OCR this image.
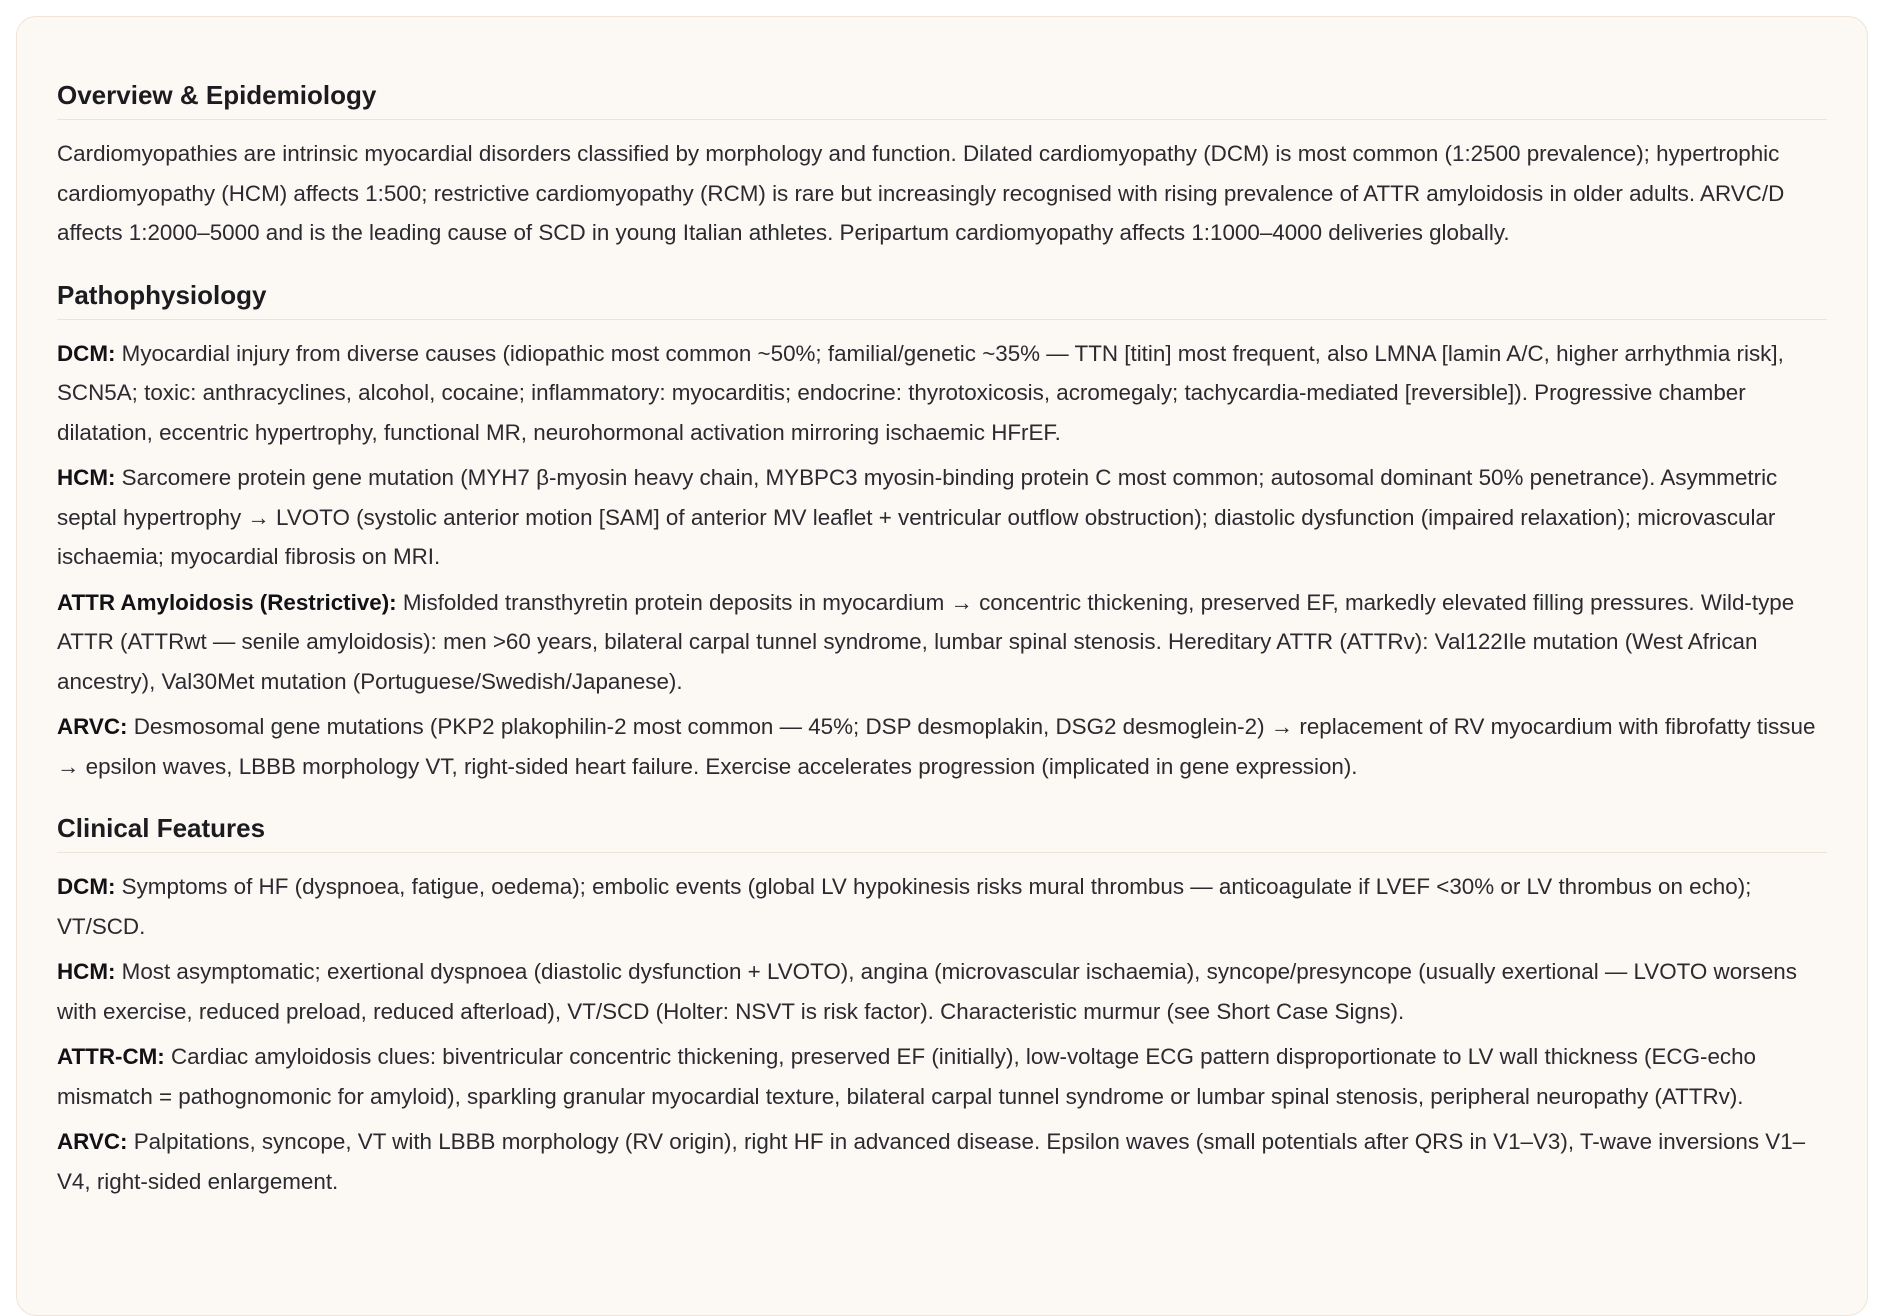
Overview & Epidemiology

Cardiomyopathies are intrinsic myocardial disorders classified by morphology and function. Dilated cardiomyopathy (DCM) is most common (1:2500 prevalence); hypertrophic cardiomyopathy (HCM) affects 1:500; restrictive cardiomyopathy (RCM) is rare but increasingly recognised with rising prevalence of ATTR amyloidosis in older adults. ARVC/D affects 1:2000–5000 and is the leading cause of SCD in young Italian athletes. Peripartum cardiomyopathy affects 1:1000–4000 deliveries globally.

Pathophysiology

DCM: Myocardial injury from diverse causes (idiopathic most common ~50%; familial/genetic ~35% — TTN [titin] most frequent, also LMNA [lamin A/C, higher arrhythmia risk], SCN5A; toxic: anthracyclines, alcohol, cocaine; inflammatory: myocarditis; endocrine: thyrotoxicosis, acromegaly; tachycardia-mediated [reversible]). Progressive chamber dilatation, eccentric hypertrophy, functional MR, neurohormonal activation mirroring ischaemic HFrEF.

HCM: Sarcomere protein gene mutation (MYH7 β-myosin heavy chain, MYBPC3 myosin-binding protein C most common; autosomal dominant 50% penetrance). Asymmetric septal hypertrophy → LVOTO (systolic anterior motion [SAM] of anterior MV leaflet + ventricular outflow obstruction); diastolic dysfunction (impaired relaxation); microvascular ischaemia; myocardial fibrosis on MRI.

ATTR Amyloidosis (Restrictive): Misfolded transthyretin protein deposits in myocardium → concentric thickening, preserved EF, markedly elevated filling pressures. Wild-type ATTR (ATTRwt — senile amyloidosis): men >60 years, bilateral carpal tunnel syndrome, lumbar spinal stenosis. Hereditary ATTR (ATTRv): Val122Ile mutation (West African ancestry), Val30Met mutation (Portuguese/Swedish/Japanese).

ARVC: Desmosomal gene mutations (PKP2 plakophilin-2 most common — 45%; DSP desmoplakin, DSG2 desmoglein-2) → replacement of RV myocardium with fibrofatty tissue → epsilon waves, LBBB morphology VT, right-sided heart failure. Exercise accelerates progression (implicated in gene expression).

Clinical Features

DCM: Symptoms of HF (dyspnoea, fatigue, oedema); embolic events (global LV hypokinesis risks mural thrombus — anticoagulate if LVEF <30% or LV thrombus on echo); VT/SCD.

HCM: Most asymptomatic; exertional dyspnoea (diastolic dysfunction + LVOTO), angina (microvascular ischaemia), syncope/presyncope (usually exertional — LVOTO worsens with exercise, reduced preload, reduced afterload), VT/SCD (Holter: NSVT is risk factor). Characteristic murmur (see Short Case Signs).

ATTR-CM: Cardiac amyloidosis clues: biventricular concentric thickening, preserved EF (initially), low-voltage ECG pattern disproportionate to LV wall thickness (ECG-echo mismatch = pathognomonic for amyloid), sparkling granular myocardial texture, bilateral carpal tunnel syndrome or lumbar spinal stenosis, peripheral neuropathy (ATTRv).

ARVC: Palpitations, syncope, VT with LBBB morphology (RV origin), right HF in advanced disease. Epsilon waves (small potentials after QRS in V1–V3), T-wave inversions V1–V4, right-sided enlargement.
